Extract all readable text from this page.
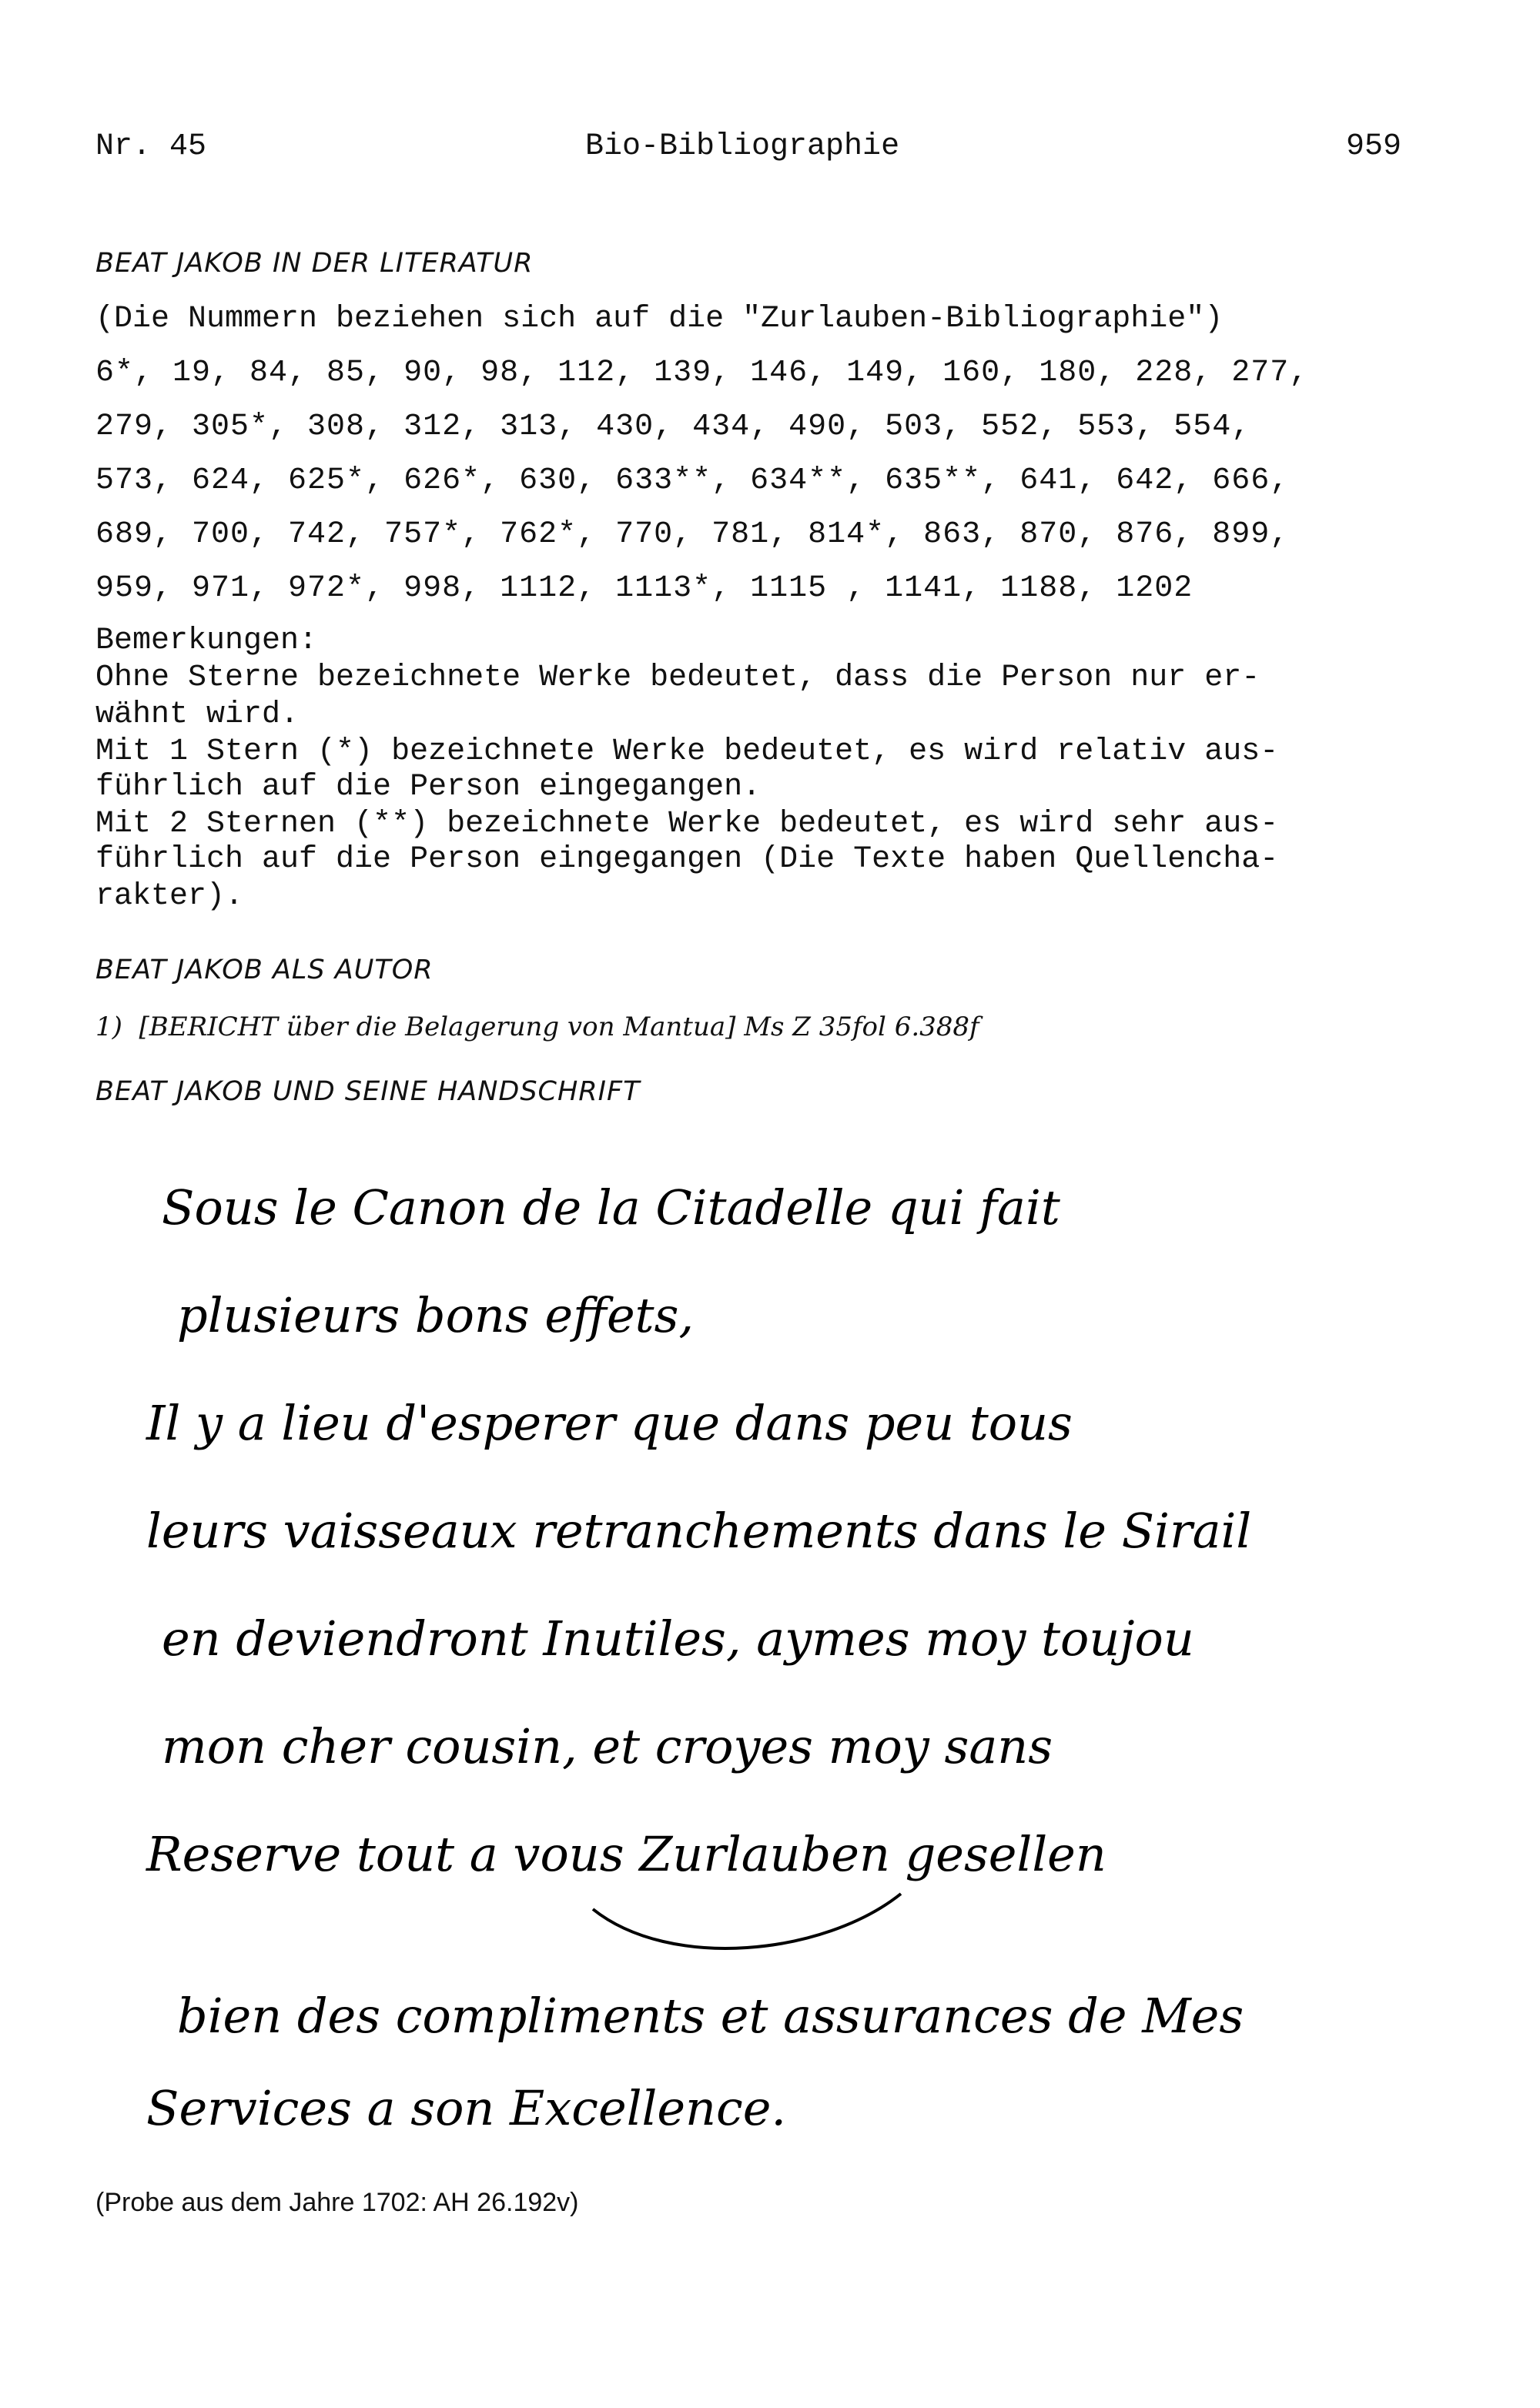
Nr. 45	Bio-Bibliographie	959
BEAT JAKOB IN DER LITERATUR
(Die Nummern beziehen sich auf die "Zurlauben-Bibliographie")
6*, 19, 84, 85, 90, 98, 112, 139, 146, 149, 160, 180, 228, 277,
279, 305*, 308, 312, 313, 430, 434, 490, 503, 552, 553, 554,
573, 624, 625*, 626*, 630, 633**, 634**, 635**, 641, 642, 666,
689, 700, 742, 757*, 762*, 770, 781, 814*, 863, 870, 876, 899,
959, 971, 972*, 998, 1112, 1113*, 1115 , 1141, 1188, 1202
Bemerkungen:
Ohne Sterne bezeichnete Werke bedeutet, dass die Person nur er-
wähnt wird.
Mit 1 Stern (*) bezeichnete Werke bedeutet, es wird relativ aus-
führlich auf die Person eingegangen.
Mit 2 Sternen (**) bezeichnete Werke bedeutet, es wird sehr aus-
führlich auf die Person eingegangen (Die Texte haben Quellencha-
rakter).
BEAT JAKOB ALS AUTOR
1)  [BERICHT über die Belagerung von Mantua] Ms Z 35fol 6.388f
BEAT JAKOB UND SEINE HANDSCHRIFT
Sous le Canon de la Citadelle qui fait
plusieurs bons effets,
Il y a lieu d'esperer que dans peu tous
leurs vaisseaux retranchements dans le Sirail
en deviendront Inutiles, aymes moy toujou
mon cher cousin, et croyes moy sans
Reserve tout a vous Zurlauben gesellen
bien des compliments et assurances de Mes
Services a son Excellence.
(Probe aus dem Jahre 1702: AH 26.192v)
